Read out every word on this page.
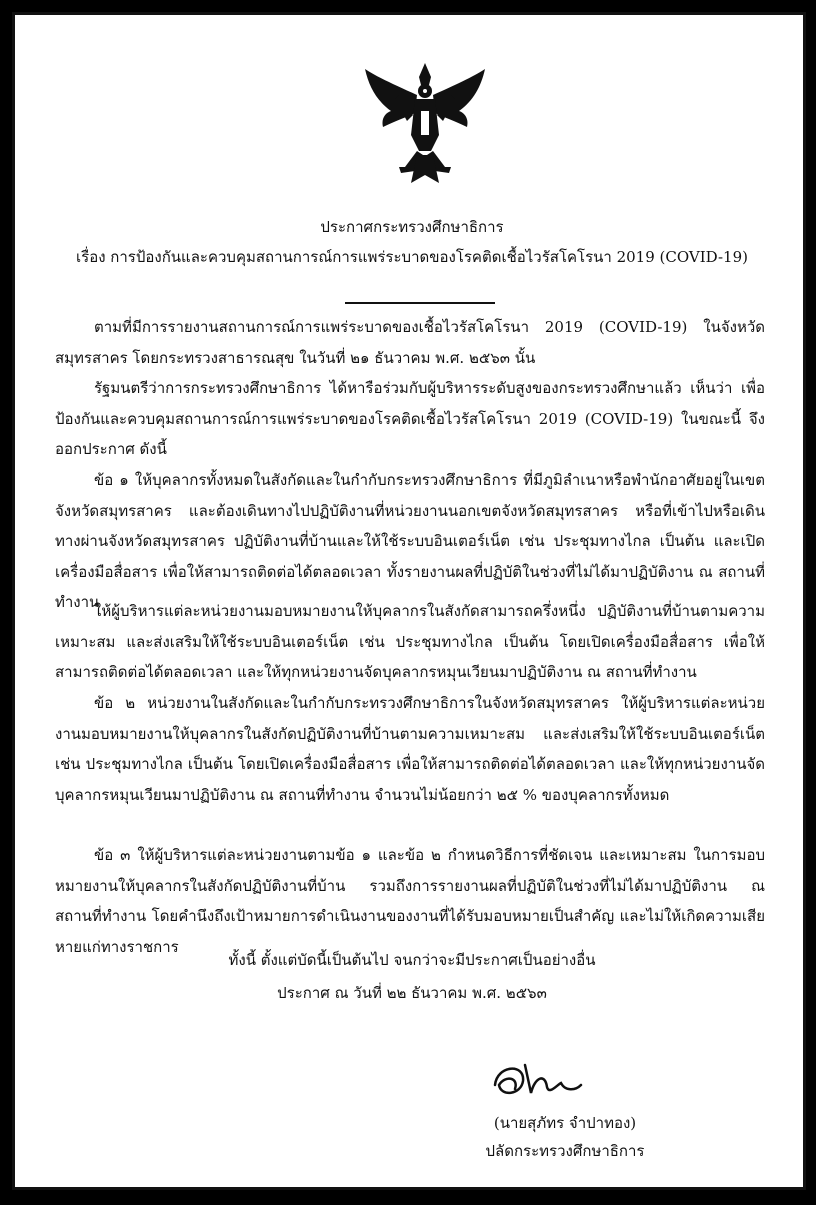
ประกาศกระทรวงศึกษาธิการ
เรื่อง การป้องกันและควบคุมสถานการณ์การแพร่ระบาดของโรคติดเชื้อไวรัสโคโรนา 2019 (COVID-19)

ตามที่มีการรายงานสถานการณ์การแพร่ระบาดของเชื้อไวรัสโคโรนา 2019 (COVID-19) ในจังหวัดสมุทรสาคร โดยกระทรวงสาธารณสุข ในวันที่ ๒๑ ธันวาคม พ.ศ. ๒๕๖๓ นั้น

รัฐมนตรีว่าการกระทรวงศึกษาธิการ ได้หารือร่วมกับผู้บริหารระดับสูงของกระทรวงศึกษาแล้ว เห็นว่า เพื่อป้องกันและควบคุมสถานการณ์การแพร่ระบาดของโรคติดเชื้อไวรัสโคโรนา 2019 (COVID-19) ในขณะนี้ จึงออกประกาศ ดังนี้

ข้อ ๑ ให้บุคลากรทั้งหมดในสังกัดและในกำกับกระทรวงศึกษาธิการ ที่มีภูมิลำเนาหรือพำนักอาศัยอยู่ในเขตจังหวัดสมุทรสาคร และต้องเดินทางไปปฏิบัติงานที่หน่วยงานนอกเขตจังหวัดสมุทรสาคร หรือที่เข้าไปหรือเดินทางผ่านจังหวัดสมุทรสาคร ปฏิบัติงานที่บ้านและให้ใช้ระบบอินเตอร์เน็ต เช่น ประชุมทางไกล เป็นต้น และเปิดเครื่องมือสื่อสาร เพื่อให้สามารถติดต่อได้ตลอดเวลา ทั้งรายงานผลที่ปฏิบัติในช่วงที่ไม่ได้มาปฏิบัติงาน ณ สถานที่ทำงาน

ให้ผู้บริหารแต่ละหน่วยงานมอบหมายงานให้บุคลากรในสังกัดสามารถครึ่งหนึ่ง ปฏิบัติงานที่บ้านตามความเหมาะสม และส่งเสริมให้ใช้ระบบอินเตอร์เน็ต เช่น ประชุมทางไกล เป็นต้น โดยเปิดเครื่องมือสื่อสาร เพื่อให้สามารถติดต่อได้ตลอดเวลา และให้ทุกหน่วยงานจัดบุคลากรหมุนเวียนมาปฏิบัติงาน ณ สถานที่ทำงาน

ข้อ ๒ หน่วยงานในสังกัดและในกำกับกระทรวงศึกษาธิการในจังหวัดสมุทรสาคร ให้ผู้บริหารแต่ละหน่วยงานมอบหมายงานให้บุคลากรในสังกัดปฏิบัติงานที่บ้านตามความเหมาะสม และส่งเสริมให้ใช้ระบบอินเตอร์เน็ต เช่น ประชุมทางไกล เป็นต้น โดยเปิดเครื่องมือสื่อสาร เพื่อให้สามารถติดต่อได้ตลอดเวลา และให้ทุกหน่วยงานจัดบุคลากรหมุนเวียนมาปฏิบัติงาน ณ สถานที่ทำงาน จำนวนไม่น้อยกว่า ๒๕ % ของบุคลากรทั้งหมด

ข้อ ๓ ให้ผู้บริหารแต่ละหน่วยงานตามข้อ ๑ และข้อ ๒ กำหนดวิธีการที่ชัดเจน และเหมาะสม ในการมอบหมายงานให้บุคลากรในสังกัดปฏิบัติงานที่บ้าน รวมถึงการรายงานผลที่ปฏิบัติในช่วงที่ไม่ได้มาปฏิบัติงาน ณ สถานที่ทำงาน โดยคำนึงถึงเป้าหมายการดำเนินงานของงานที่ได้รับมอบหมายเป็นสำคัญ และไม่ให้เกิดความเสียหายแก่ทางราชการ

ทั้งนี้ ตั้งแต่บัดนี้เป็นต้นไป จนกว่าจะมีประกาศเป็นอย่างอื่น
ประกาศ ณ วันที่ ๒๒ ธันวาคม พ.ศ. ๒๕๖๓
(นายสุภัทร จำปาทอง)
ปลัดกระทรวงศึกษาธิการ
